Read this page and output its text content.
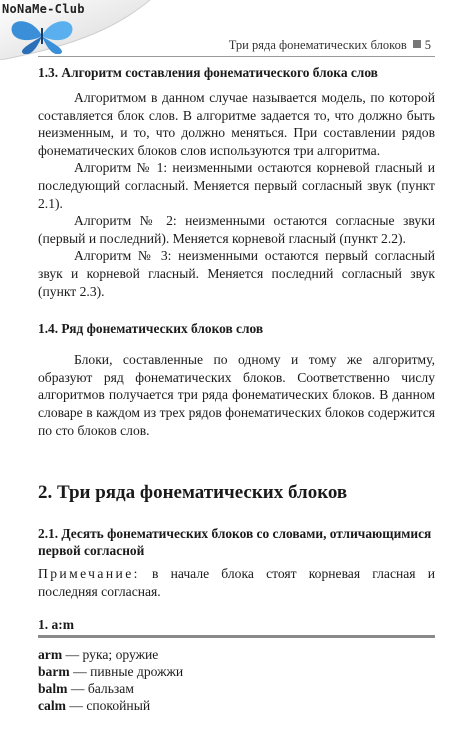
NoNaMe-Club
Три ряда фонематических блоков 5
1.3. Алгоритм составления фонематического блока слов

Алгоритмом в данном случае называется модель, по которой составляется блок слов. В алгоритме задается то, что должно быть неизменным, и то, что должно меняться. При составлении рядов фонематических блоков слов используются три алгоритма.

Алгоритм № 1: неизменными остаются корневой гласный и последующий согласный. Меняется первый согласный звук (пункт 2.1).

Алгоритм № 2: неизменными остаются согласные звуки (первый и последний). Меняется корневой гласный (пункт 2.2).

Алгоритм № 3: неизменными остаются первый согласный звук и корневой гласный. Меняется последний согласный звук (пункт 2.3).

1.4. Ряд фонематических блоков слов

Блоки, составленные по одному и тому же алгоритму, образуют ряд фонематических блоков. Соответственно числу алгоритмов получается три ряда фонематических блоков. В данном словаре в каждом из трех рядов фонематических блоков содержится по сто блоков слов.

2. Три ряда фонематических блоков
2.1. Десять фонематических блоков со словами, отличающимися первой согласной

Примечание: в начале блока стоят корневая гласная и последняя согласная.

1. a:m
arm — рука; оружие
barm — пивные дрожжи
balm — бальзам
calm — спокойный
